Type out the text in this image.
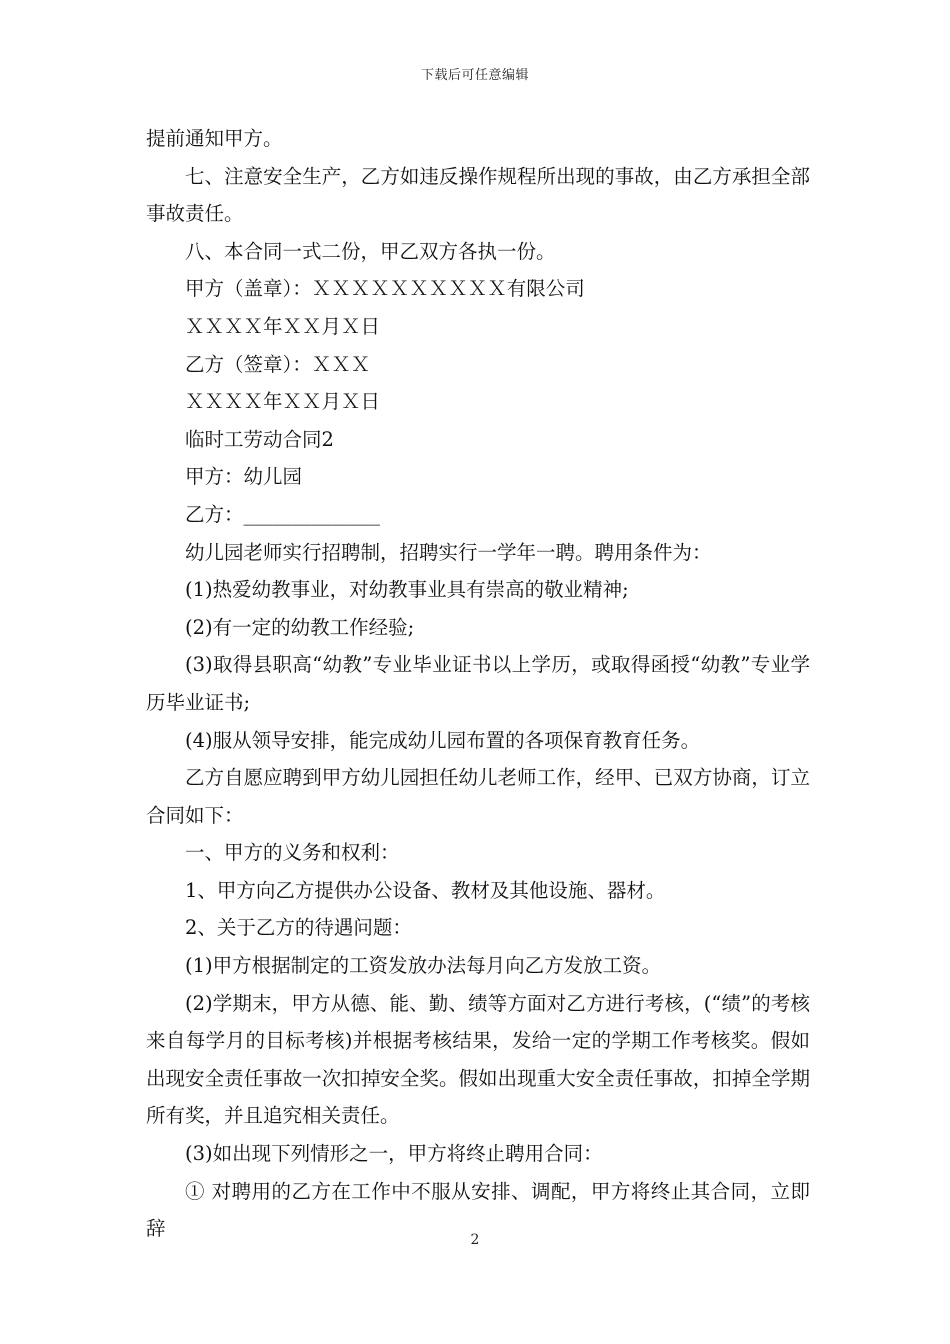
下载后可任意编辑

提前通知甲方。

七、注意安全生产，乙方如违反操作规程所出现的事故，由乙方承担全部事故责任。

八、本合同一式二份，甲乙双方各执一份。

甲方（盖章）：ＸＸＸＸＸＸＸＸＸＸ有限公司

ＸＸＸＸ年ＸＸ月Ｘ日

乙方（签章）：ＸＸＸ

ＸＸＸＸ年ＸＸ月Ｘ日

临时工劳动合同2

甲方：幼儿园

乙方：______________

幼儿园老师实行招聘制，招聘实行一学年一聘。聘用条件为：

(1)热爱幼教事业，对幼教事业具有崇高的敬业精神;

(2)有一定的幼教工作经验;

(3)取得县职高“幼教”专业毕业证书以上学历，或取得函授“幼教”专业学历毕业证书;

(4)服从领导安排，能完成幼儿园布置的各项保育教育任务。

乙方自愿应聘到甲方幼儿园担任幼儿老师工作，经甲、已双方协商，订立合同如下：

一、甲方的义务和权利：

1、甲方向乙方提供办公设备、教材及其他设施、器材。

2、关于乙方的待遇问题：

(1)甲方根据制定的工资发放办法每月向乙方发放工资。

(2)学期末，甲方从德、能、勤、绩等方面对乙方进行考核，(“绩”的考核来自每学月的目标考核)并根据考核结果，发给一定的学期工作考核奖。假如出现安全责任事故一次扣掉安全奖。假如出现重大安全责任事故，扣掉全学期所有奖，并且追究相关责任。

(3)如出现下列情形之一，甲方将终止聘用合同：

① 对聘用的乙方在工作中不服从安排、调配，甲方将终止其合同，立即辞	2
